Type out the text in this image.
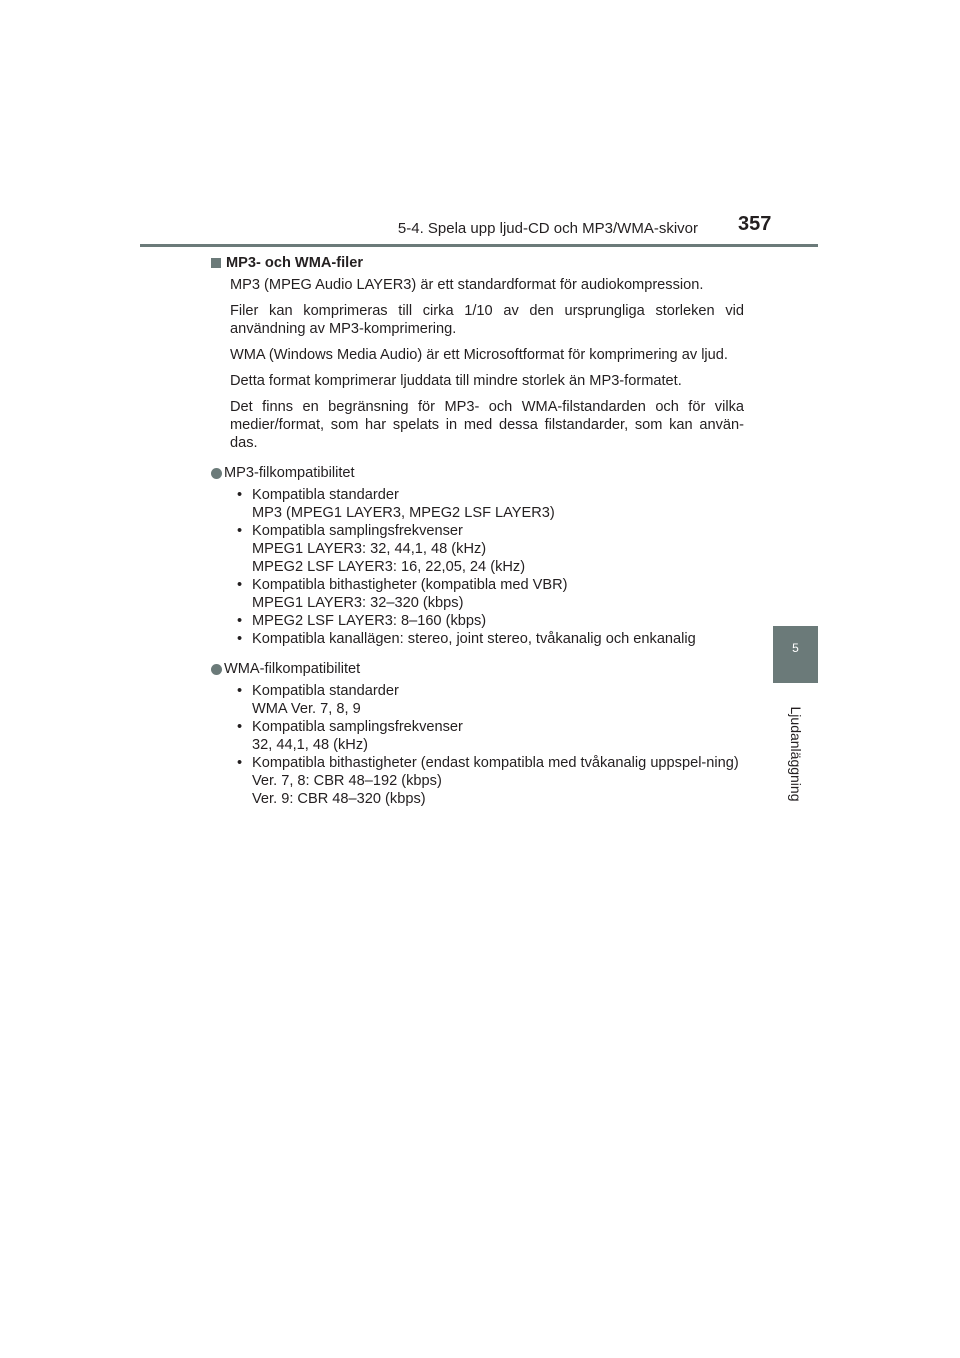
5-4. Spela upp ljud-CD och MP3/WMA-skivor 357
5
Ljudanläggning
MP3- och WMA-filer

MP3 (MPEG Audio LAYER3) är ett standardformat för audiokompression.

Filer kan komprimeras till cirka 1/10 av den ursprungliga storleken vid användning av MP3-komprimering.

WMA (Windows Media Audio) är ett Microsoftformat för komprimering av ljud.

Detta format komprimerar ljuddata till mindre storlek än MP3-formatet.

Det finns en begränsning för MP3- och WMA-filstandarden och för vilka medier/format, som har spelats in med dessa filstandarder, som kan använ-das.

MP3-filkompatibilitet
• Kompatibla standarder
MP3 (MPEG1 LAYER3, MPEG2 LSF LAYER3)
• Kompatibla samplingsfrekvenser
MPEG1 LAYER3: 32, 44,1, 48 (kHz)
MPEG2 LSF LAYER3: 16, 22,05, 24 (kHz)
• Kompatibla bithastigheter (kompatibla med VBR)
MPEG1 LAYER3: 32–320 (kbps)
• MPEG2 LSF LAYER3: 8–160 (kbps)
• Kompatibla kanallägen: stereo, joint stereo, tvåkanalig och enkanalig
WMA-filkompatibilitet
• Kompatibla standarder
WMA Ver. 7, 8, 9
• Kompatibla samplingsfrekvenser
32, 44,1, 48 (kHz)
• Kompatibla bithastigheter (endast kompatibla med tvåkanalig uppspel-ning)
Ver. 7, 8: CBR 48–192 (kbps)
Ver. 9: CBR 48–320 (kbps)
